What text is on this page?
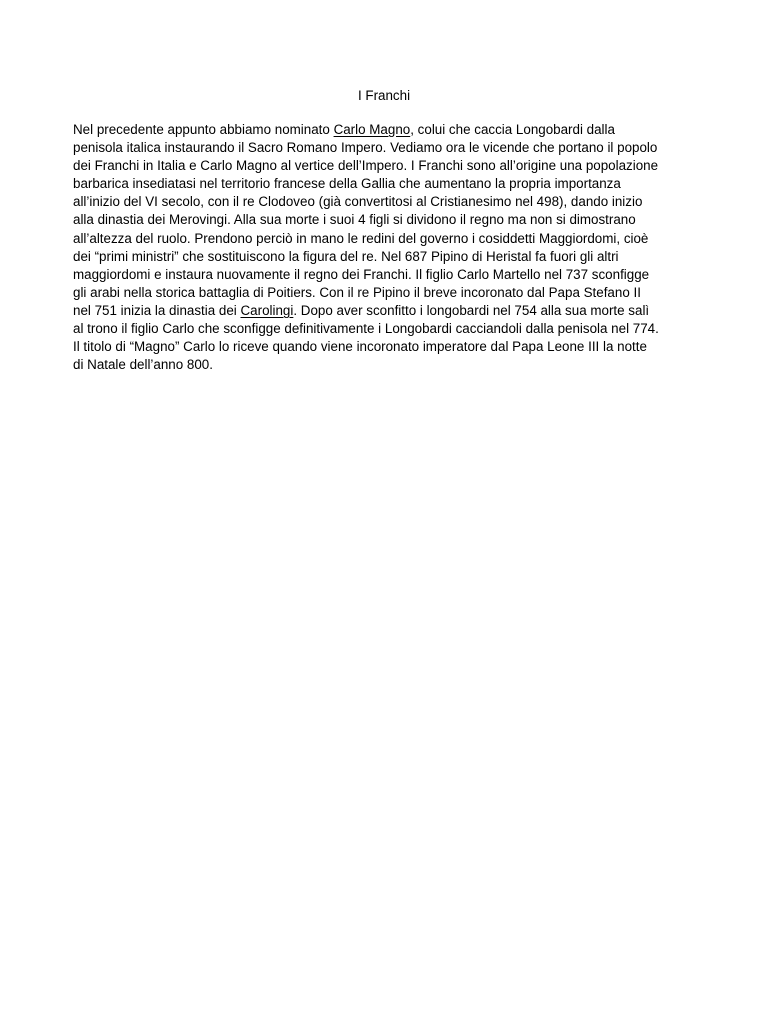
I Franchi
Nel precedente appunto abbiamo nominato Carlo Magno, colui che caccia Longobardi dalla
penisola italica instaurando il Sacro Romano Impero. Vediamo ora le vicende che portano il popolo
dei Franchi in Italia e Carlo Magno al vertice dell’Impero. I Franchi sono all’origine una popolazione
barbarica insediatasi nel territorio francese della Gallia che aumentano la propria importanza
all’inizio del VI secolo, con il re Clodoveo (già convertitosi al Cristianesimo nel 498), dando inizio
alla dinastia dei Merovingi. Alla sua morte i suoi 4 figli si dividono il regno ma non si dimostrano
all’altezza del ruolo. Prendono perciò in mano le redini del governo i cosiddetti Maggiordomi, cioè
dei “primi ministri” che sostituiscono la figura del re. Nel 687 Pipino di Heristal fa fuori gli altri
maggiordomi e instaura nuovamente il regno dei Franchi. Il figlio Carlo Martello nel 737 sconfigge
gli arabi nella storica battaglia di Poitiers. Con il re Pipino il breve incoronato dal Papa Stefano II
nel 751 inizia la dinastia dei Carolingi. Dopo aver sconfitto i longobardi nel 754 alla sua morte salì
al trono il figlio Carlo che sconfigge definitivamente i Longobardi cacciandoli dalla penisola nel 774.
Il titolo di “Magno” Carlo lo riceve quando viene incoronato imperatore dal Papa Leone III la notte
di Natale dell’anno 800.
